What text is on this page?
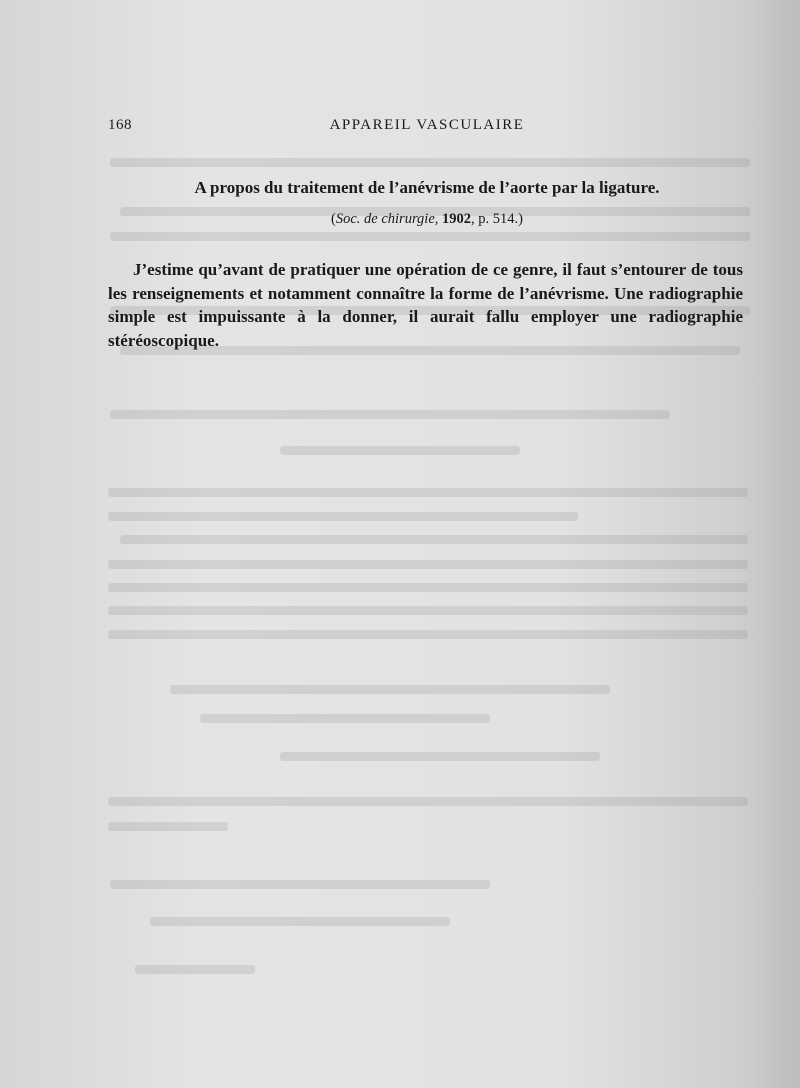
168	APPAREIL VASCULAIRE
A propos du traitement de l’anévrisme de l’aorte par la ligature.
(Soc. de chirurgie, 1902, p. 514.)

J’estime qu’avant de pratiquer une opération de ce genre, il faut s’entourer de tous les renseignements et notamment connaître la forme de l’anévrisme. Une radiographie simple est impuissante à la donner, il aurait fallu employer une radiographie stéréoscopique.
